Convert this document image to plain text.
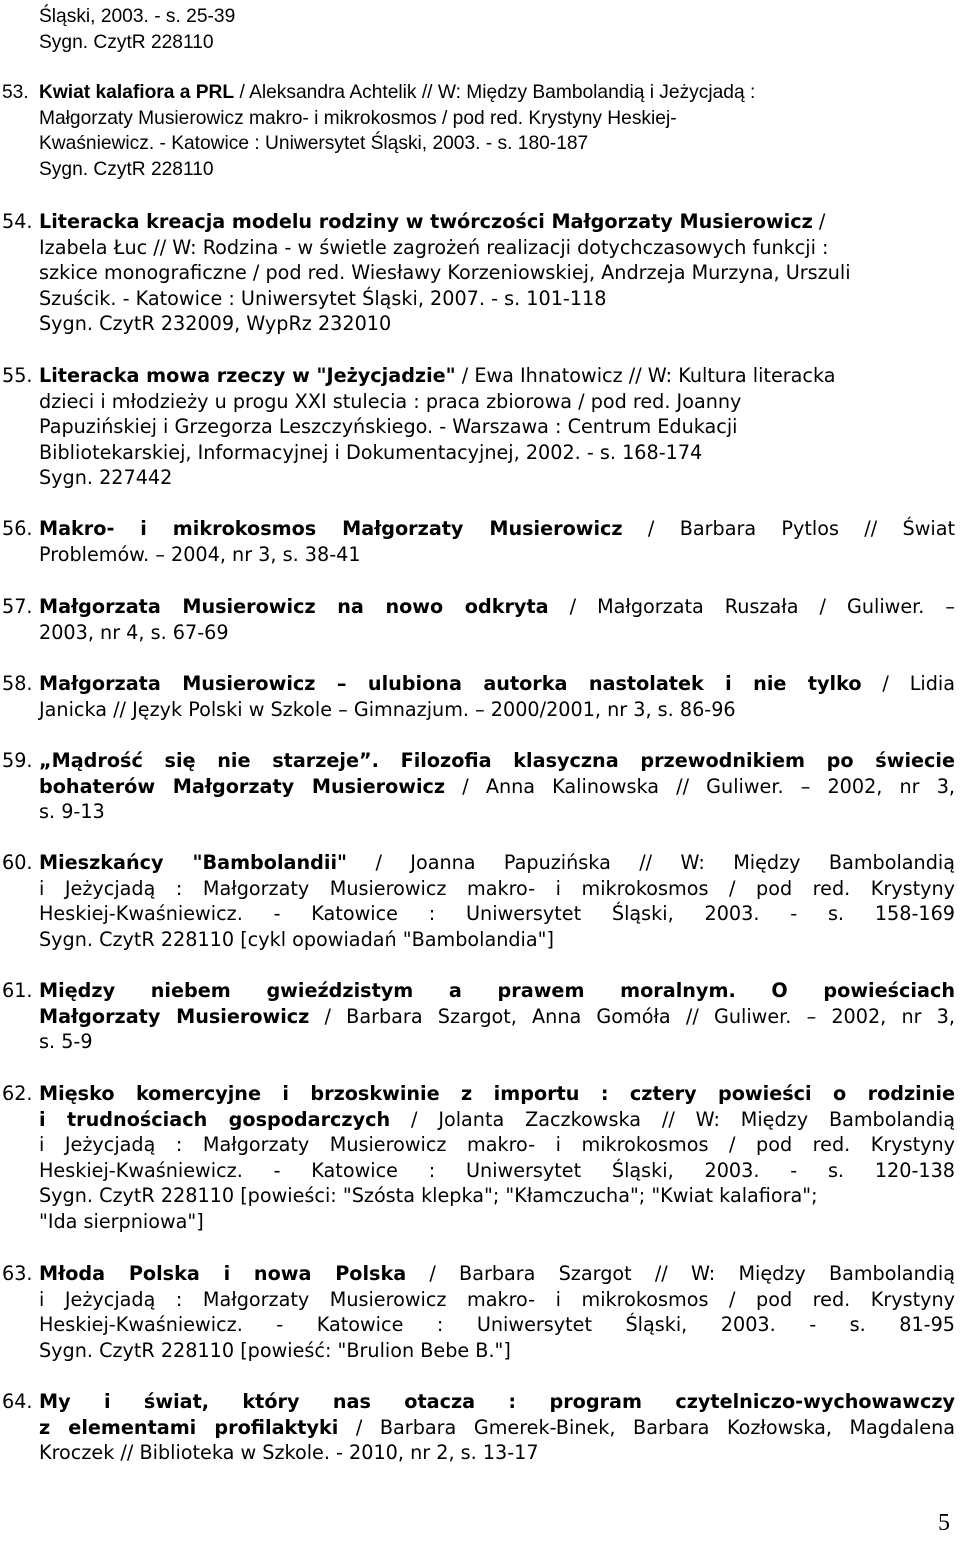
Śląski, 2003. - s. 25-39
Sygn. CzytR 228110
53. Kwiat kalafiora a PRL / Aleksandra Achtelik // W: Między Bambolandią i Jeżycjadą :
Małgorzaty Musierowicz makro- i mikrokosmos / pod red. Krystyny Heskiej-
Kwaśniewicz. - Katowice : Uniwersytet Śląski, 2003. - s. 180-187
Sygn. CzytR 228110
54. Literacka kreacja modelu rodziny w twórczości Małgorzaty Musierowicz /
Izabela Łuc // W: Rodzina - w świetle zagrożeń realizacji dotychczasowych funkcji :
szkice monograficzne / pod red. Wiesławy Korzeniowskiej, Andrzeja Murzyna, Urszuli
Szuścik. - Katowice : Uniwersytet Śląski, 2007. - s. 101-118
Sygn. CzytR 232009, WypRz 232010
55. Literacka mowa rzeczy w "Jeżycjadzie" / Ewa Ihnatowicz // W: Kultura literacka
dzieci i młodzieży u progu XXI stulecia : praca zbiorowa / pod red. Joanny
Papuzińskiej i Grzegorza Leszczyńskiego. - Warszawa : Centrum Edukacji
Bibliotekarskiej, Informacyjnej i Dokumentacyjnej, 2002. - s. 168-174
Sygn. 227442
56. Makro- i mikrokosmos Małgorzaty Musierowicz / Barbara Pytlos // Świat
Problemów. – 2004, nr 3, s. 38-41
57. Małgorzata Musierowicz na nowo odkryta / Małgorzata Ruszała / Guliwer. –
2003, nr 4, s. 67-69
58. Małgorzata Musierowicz – ulubiona autorka nastolatek i nie tylko / Lidia
Janicka // Język Polski w Szkole – Gimnazjum. – 2000/2001, nr 3, s. 86-96
59. „Mądrość się nie starzeje”. Filozofia klasyczna przewodnikiem po świecie
bohaterów Małgorzaty Musierowicz / Anna Kalinowska // Guliwer. – 2002, nr 3,
s. 9-13
60. Mieszkańcy "Bambolandii" / Joanna Papuzińska // W: Między Bambolandią
i Jeżycjadą : Małgorzaty Musierowicz makro- i mikrokosmos / pod red. Krystyny
Heskiej-Kwaśniewicz. - Katowice : Uniwersytet Śląski, 2003. - s. 158-169
Sygn. CzytR 228110 [cykl opowiadań "Bambolandia"]
61. Między niebem gwieździstym a prawem moralnym. O powieściach
Małgorzaty Musierowicz / Barbara Szargot, Anna Gomóła // Guliwer. – 2002, nr 3,
s. 5-9
62. Mięsko komercyjne i brzoskwinie z importu : cztery powieści o rodzinie
i trudnościach gospodarczych / Jolanta Zaczkowska // W: Między Bambolandią
i Jeżycjadą : Małgorzaty Musierowicz makro- i mikrokosmos / pod red. Krystyny
Heskiej-Kwaśniewicz. - Katowice : Uniwersytet Śląski, 2003. - s. 120-138
Sygn. CzytR 228110 [powieści: "Szósta klepka"; "Kłamczucha"; "Kwiat kalafiora";
"Ida sierpniowa"]
63. Młoda Polska i nowa Polska / Barbara Szargot // W: Między Bambolandią
i Jeżycjadą : Małgorzaty Musierowicz makro- i mikrokosmos / pod red. Krystyny
Heskiej-Kwaśniewicz. - Katowice : Uniwersytet Śląski, 2003. - s. 81-95
Sygn. CzytR 228110 [powieść: "Brulion Bebe B."]
64. My i świat, który nas otacza : program czytelniczo-wychowawczy
z elementami profilaktyki / Barbara Gmerek-Binek, Barbara Kozłowska, Magdalena
Kroczek // Biblioteka w Szkole. - 2010, nr 2, s. 13-17
5
